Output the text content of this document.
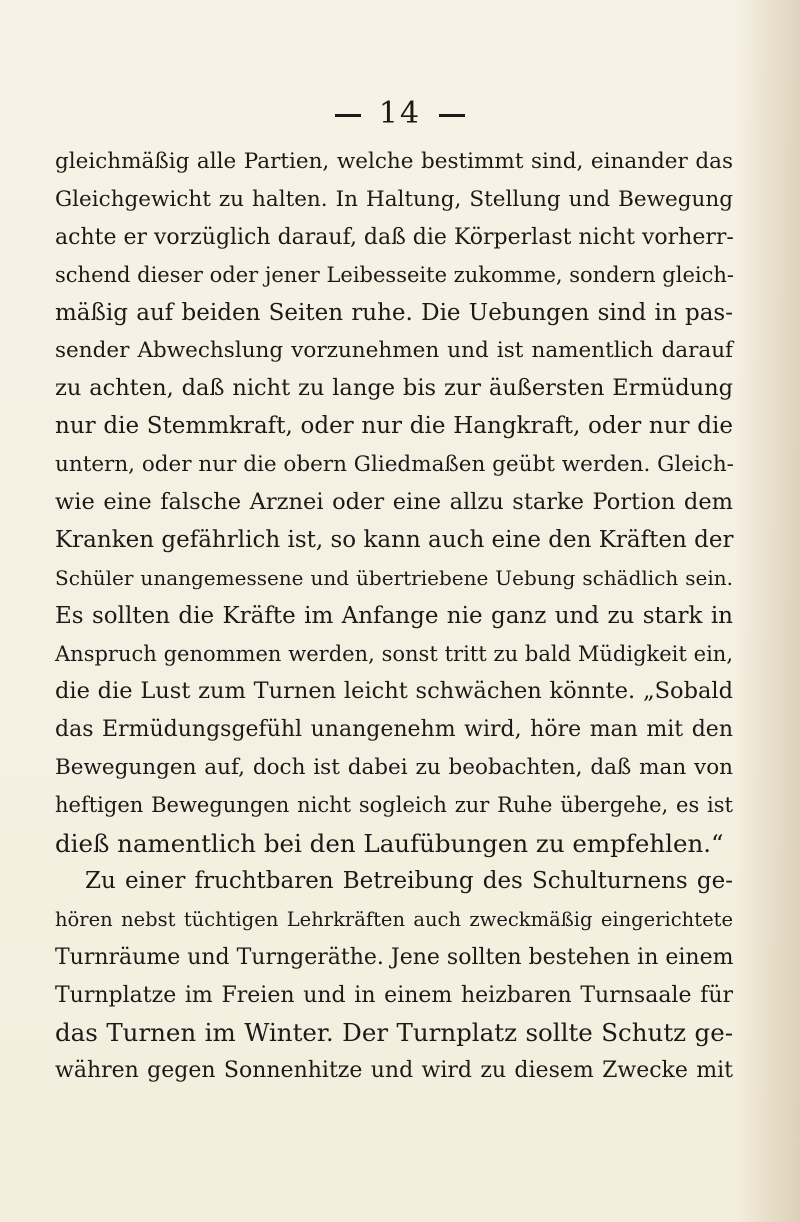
14
gleichmäßig alle Partien, welche bestimmt sind, einander das
Gleichgewicht zu halten. In Haltung, Stellung und Bewegung
achte er vorzüglich darauf, daß die Körperlast nicht vorherr-
schend dieser oder jener Leibesseite zukomme, sondern gleich-
mäßig auf beiden Seiten ruhe. Die Uebungen sind in pas-
sender Abwechslung vorzunehmen und ist namentlich darauf
zu achten, daß nicht zu lange bis zur äußersten Ermüdung
nur die Stemmkraft, oder nur die Hangkraft, oder nur die
untern, oder nur die obern Gliedmaßen geübt werden. Gleich-
wie eine falsche Arznei oder eine allzu starke Portion dem
Kranken gefährlich ist, so kann auch eine den Kräften der
Schüler unangemessene und übertriebene Uebung schädlich sein.
Es sollten die Kräfte im Anfange nie ganz und zu stark in
Anspruch genommen werden, sonst tritt zu bald Müdigkeit ein,
die die Lust zum Turnen leicht schwächen könnte. „Sobald
das Ermüdungsgefühl unangenehm wird, höre man mit den
Bewegungen auf, doch ist dabei zu beobachten, daß man von
heftigen Bewegungen nicht sogleich zur Ruhe übergehe, es ist
dieß namentlich bei den Laufübungen zu empfehlen.“
Zu einer fruchtbaren Betreibung des Schulturnens ge-
hören nebst tüchtigen Lehrkräften auch zweckmäßig eingerichtete
Turnräume und Turngeräthe. Jene sollten bestehen in einem
Turnplatze im Freien und in einem heizbaren Turnsaale für
das Turnen im Winter. Der Turnplatz sollte Schutz ge-
währen gegen Sonnenhitze und wird zu diesem Zwecke mit
